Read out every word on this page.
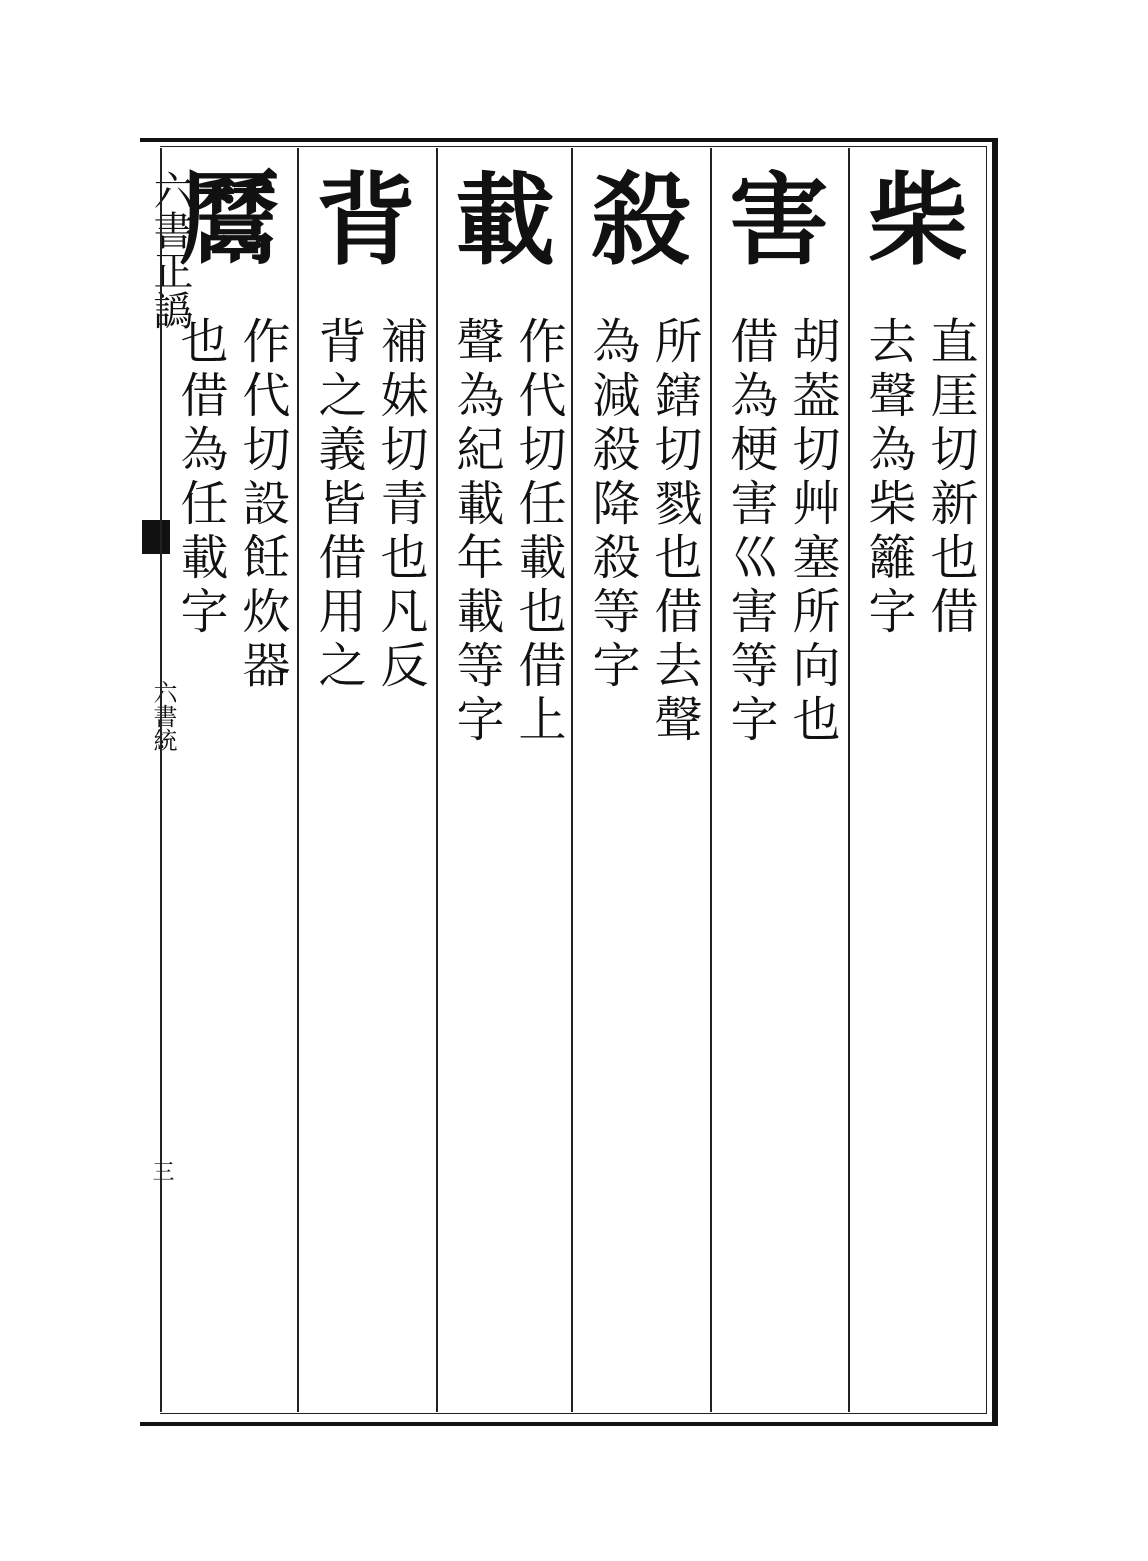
六書正譌
六書統
三
柴
直厓切新也借
去聲為柴籬字
害
胡葢切艸塞所向也
借為梗害巛害等字
殺
所鎋切戮也借去聲
為減殺降殺等字
載
作代切任載也借上
聲為紀載年載等字
背
補妹切青也凡反
背之義皆借用之
𩱔
作代切設飪炊器
也借為任載字
